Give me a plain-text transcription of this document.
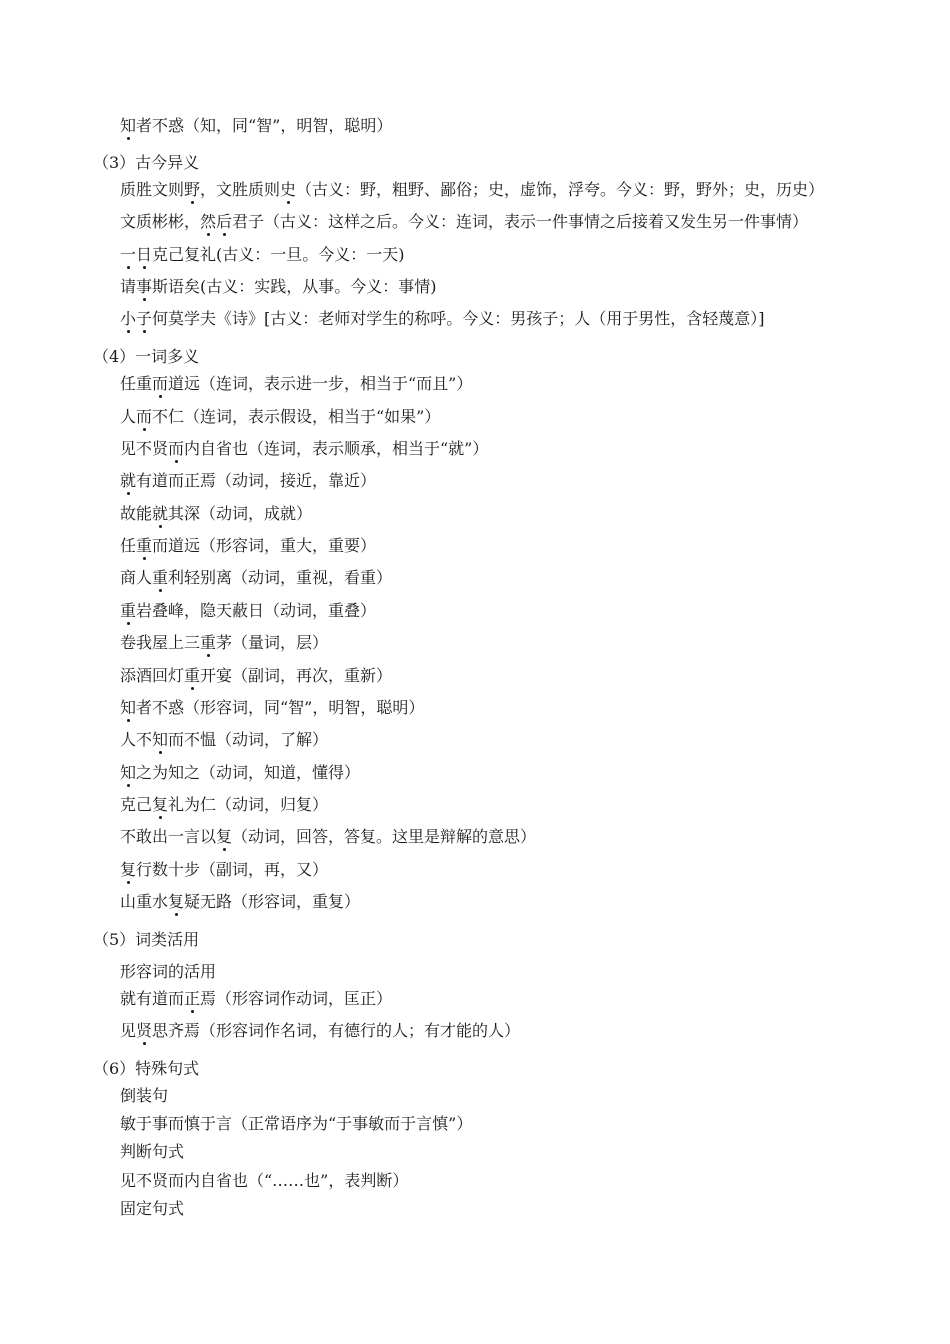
知者不惑（知，同“智”，明智，聪明）
（3）古今异义
质胜文则野，文胜质则史（古义：野，粗野、鄙俗；史，虚饰，浮夸。今义：野，野外；史，历史）
文质彬彬，然后君子（古义：这样之后。今义：连词，表示一件事情之后接着又发生另一件事情）
一日克己复礼(古义：一旦。今义：一天)
请事斯语矣(古义：实践，从事。今义：事情)
小子何莫学夫《诗》[古义：老师对学生的称呼。今义：男孩子；人（用于男性，含轻蔑意）]
（4）一词多义
任重而道远（连词，表示进一步，相当于“而且”）
人而不仁（连词，表示假设，相当于“如果”）
见不贤而内自省也（连词，表示顺承，相当于“就”）
就有道而正焉（动词，接近，靠近）
故能就其深（动词，成就）
任重而道远（形容词，重大，重要）
商人重利轻别离（动词，重视，看重）
重岩叠峰，隐天蔽日（动词，重叠）
卷我屋上三重茅（量词，层）
添酒回灯重开宴（副词，再次，重新）
知者不惑（形容词，同“智”，明智，聪明）
人不知而不愠（动词，了解）
知之为知之（动词，知道，懂得）
克己复礼为仁（动词，归复）
不敢出一言以复（动词，回答，答复。这里是辩解的意思）
复行数十步（副词，再，又）
山重水复疑无路（形容词，重复）
（5）词类活用
形容词的活用
就有道而正焉（形容词作动词，匡正）
见贤思齐焉（形容词作名词，有德行的人；有才能的人）
（6）特殊句式
倒装句
敏于事而慎于言（正常语序为“于事敏而于言慎”）
判断句式
见不贤而内自省也（“……也”，表判断）
固定句式
